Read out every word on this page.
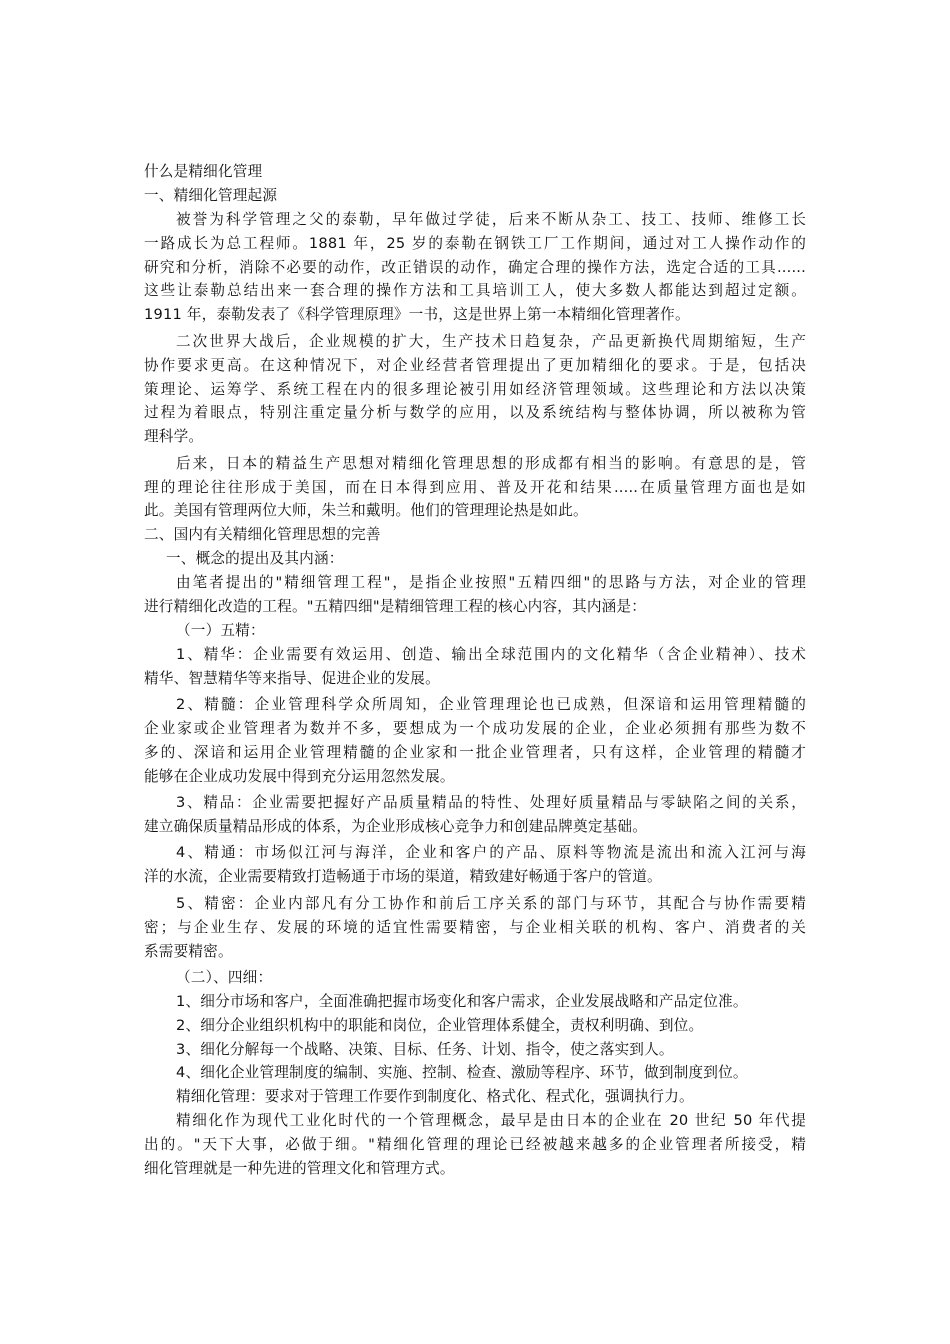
什么是精细化管理

一、精细化管理起源

被誉为科学管理之父的泰勒，早年做过学徒，后来不断从杂工、技工、技师、维修工长

一路成长为总工程师。1881 年，25 岁的泰勒在钢铁工厂工作期间，通过对工人操作动作的

研究和分析，消除不必要的动作，改正错误的动作，确定合理的操作方法，选定合适的工具......

这些让泰勒总结出来一套合理的操作方法和工具培训工人，使大多数人都能达到超过定额。

1911 年，泰勒发表了《科学管理原理》一书，这是世界上第一本精细化管理著作。

二次世界大战后，企业规模的扩大，生产技术日趋复杂，产品更新换代周期缩短，生产

协作要求更高。在这种情况下，对企业经营者管理提出了更加精细化的要求。于是，包括决

策理论、运筹学、系统工程在内的很多理论被引用如经济管理领域。这些理论和方法以决策

过程为着眼点，特别注重定量分析与数学的应用，以及系统结构与整体协调，所以被称为管

理科学。

后来，日本的精益生产思想对精细化管理思想的形成都有相当的影响。有意思的是，管

理的理论往往形成于美国，而在日本得到应用、普及开花和结果.....在质量管理方面也是如

此。美国有管理两位大师，朱兰和戴明。他们的管理理论热是如此。

二、国内有关精细化管理思想的完善

一、概念的提出及其内涵：

由笔者提出的"精细管理工程"，是指企业按照"五精四细"的思路与方法，对企业的管理

进行精细化改造的工程。"五精四细"是精细管理工程的核心内容，其内涵是：

（一）五精：

1、精华：企业需要有效运用、创造、输出全球范围内的文化精华（含企业精神）、技术

精华、智慧精华等来指导、促进企业的发展。

2、精髓：企业管理科学众所周知，企业管理理论也已成熟，但深谙和运用管理精髓的

企业家或企业管理者为数并不多，要想成为一个成功发展的企业，企业必须拥有那些为数不

多的、深谙和运用企业管理精髓的企业家和一批企业管理者，只有这样，企业管理的精髓才

能够在企业成功发展中得到充分运用忽然发展。

3、精品：企业需要把握好产品质量精品的特性、处理好质量精品与零缺陷之间的关系，

建立确保质量精品形成的体系，为企业形成核心竞争力和创建品牌奠定基础。

4、精通：市场似江河与海洋，企业和客户的产品、原料等物流是流出和流入江河与海

洋的水流，企业需要精致打造畅通于市场的渠道，精致建好畅通于客户的管道。

5、精密：企业内部凡有分工协作和前后工序关系的部门与环节，其配合与协作需要精

密；与企业生存、发展的环境的适宜性需要精密，与企业相关联的机构、客户、消费者的关

系需要精密。

（二）、四细：

1、细分市场和客户，全面准确把握市场变化和客户需求，企业发展战略和产品定位准。

2、细分企业组织机构中的职能和岗位，企业管理体系健全，责权利明确、到位。

3、细化分解每一个战略、决策、目标、任务、计划、指令，使之落实到人。

4、细化企业管理制度的编制、实施、控制、检查、激励等程序、环节，做到制度到位。

精细化管理：要求对于管理工作要作到制度化、格式化、程式化，强调执行力。

精细化作为现代工业化时代的一个管理概念，最早是由日本的企业在 20 世纪 50 年代提

出的。"天下大事，必做于细。"精细化管理的理论已经被越来越多的企业管理者所接受，精

细化管理就是一种先进的管理文化和管理方式。
